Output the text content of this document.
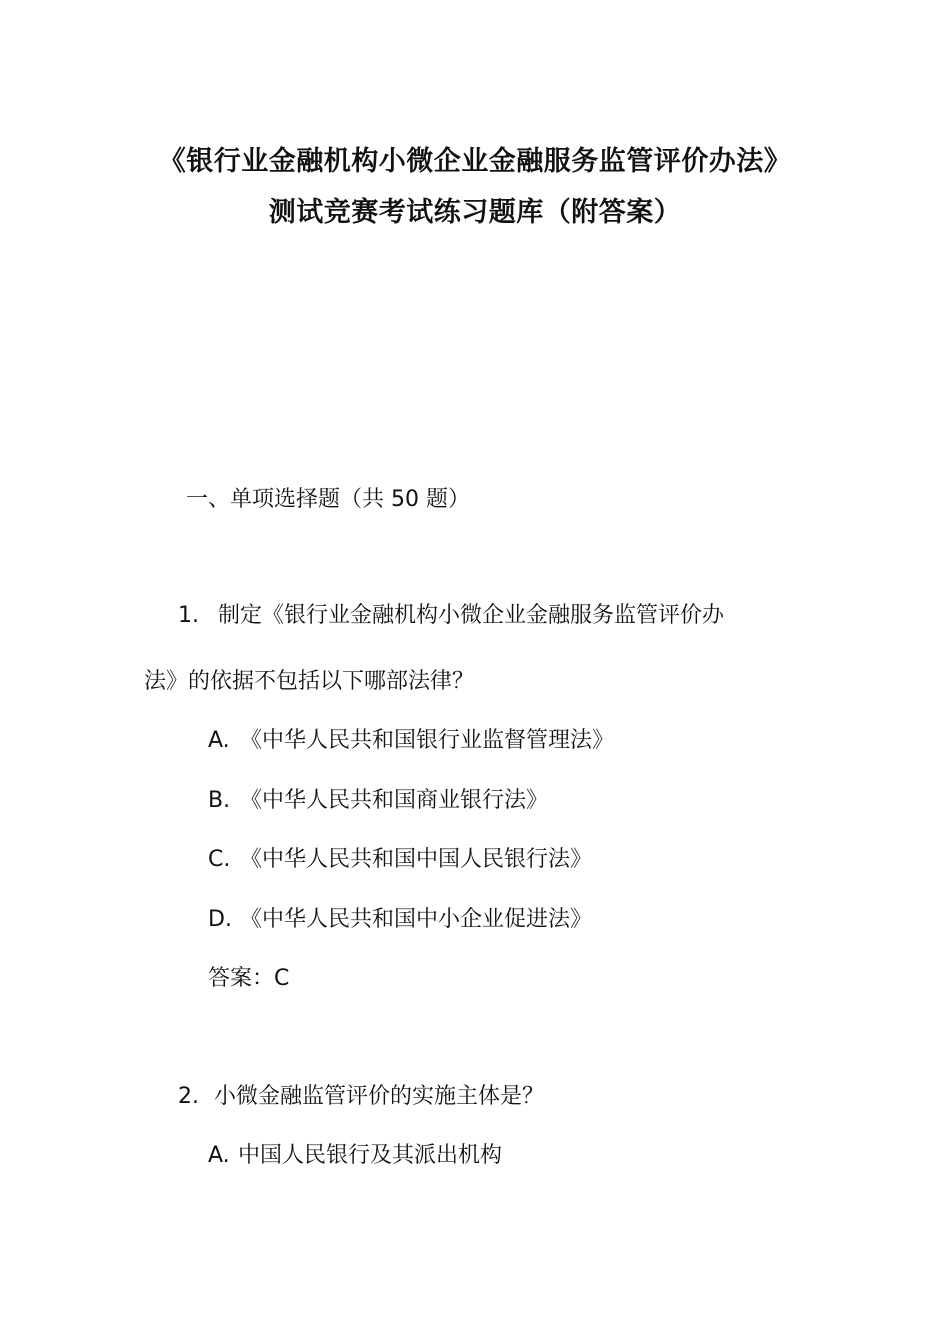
《银行业金融机构小微企业金融服务监管评价办法》
测试竞赛考试练习题库（附答案）
一、单项选择题（共 50 题）
1. 制定《银行业金融机构小微企业金融服务监管评价办
法》的依据不包括以下哪部法律？
A. 《中华人民共和国银行业监督管理法》
B. 《中华人民共和国商业银行法》
C. 《中华人民共和国中国人民银行法》
D. 《中华人民共和国中小企业促进法》
答案：C
2. 小微金融监管评价的实施主体是？
A. 中国人民银行及其派出机构
